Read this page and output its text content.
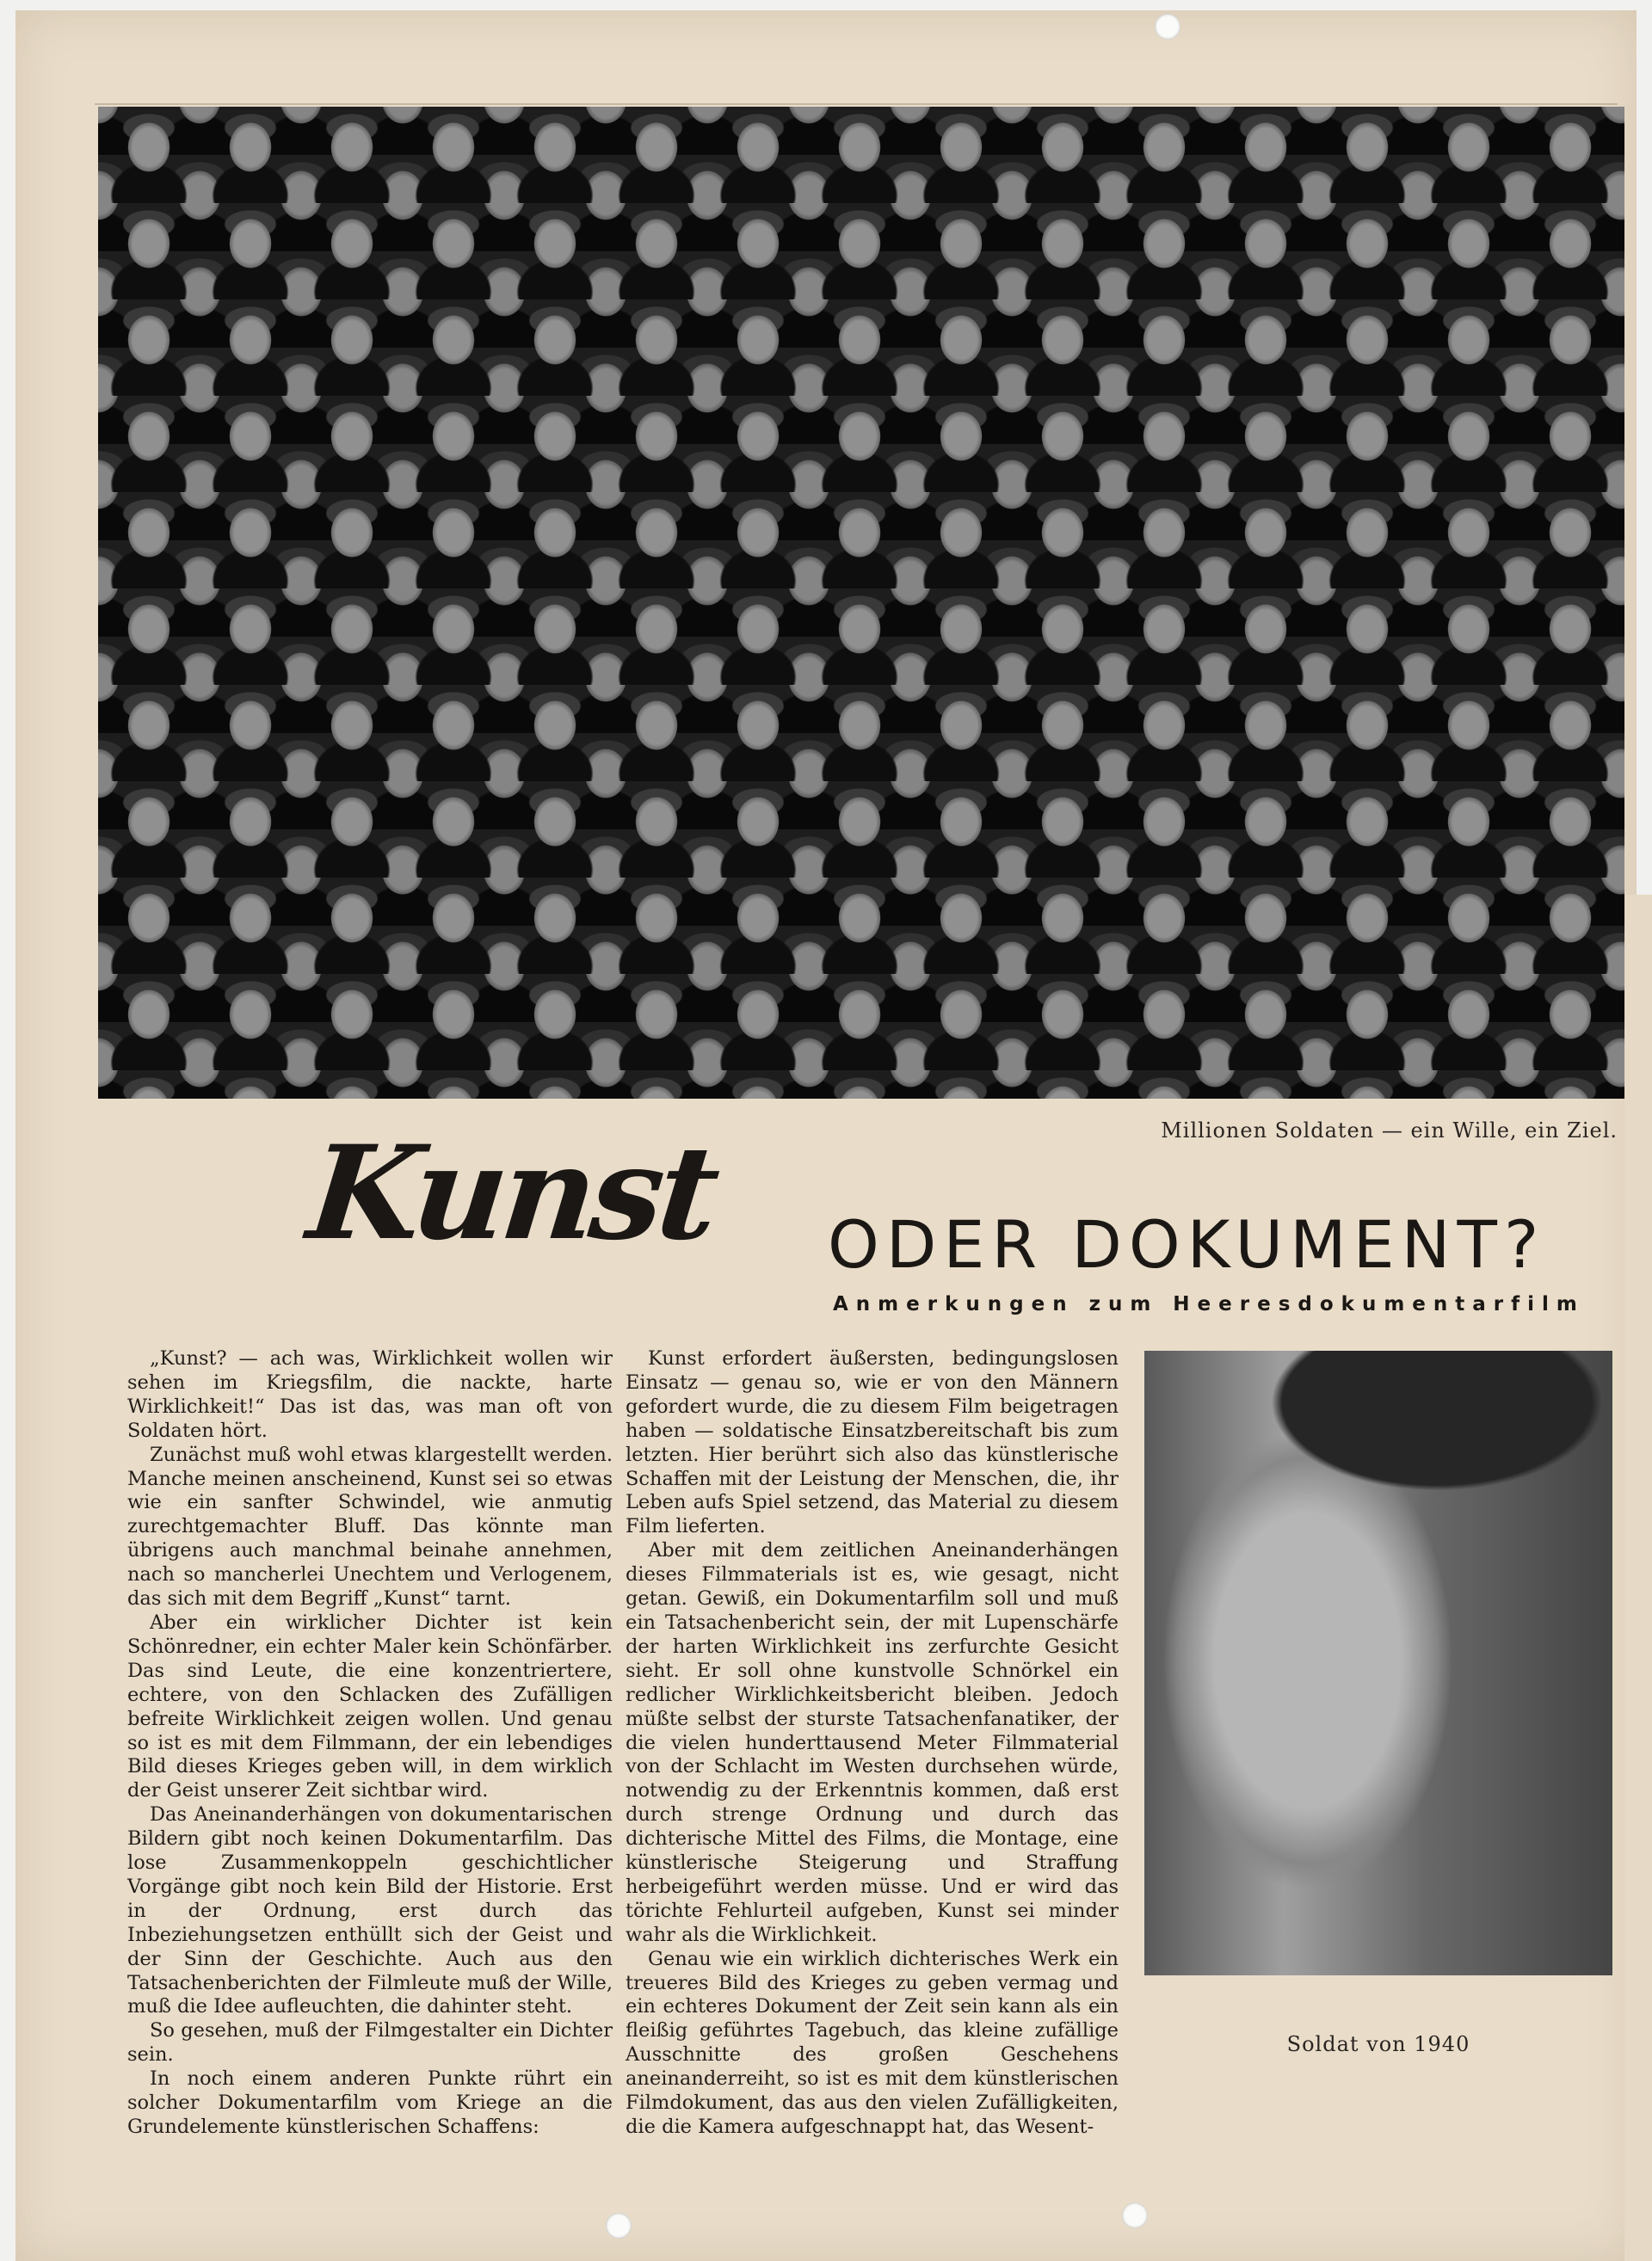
Millionen Soldaten — ein Wille, ein Ziel.
Kunst ODER DOKUMENT?
Anmerkungen zum Heeresdokumentarfilm

„Kunst? — ach was, Wirklichkeit wollen wir sehen im Kriegsfilm, die nackte, harte Wirklichkeit!“ Das ist das, was man oft von Soldaten hört.

Zunächst muß wohl etwas klargestellt werden. Manche meinen anscheinend, Kunst sei so etwas wie ein sanfter Schwindel, wie anmutig zurechtgemachter Bluff. Das könnte man übrigens auch manchmal beinahe annehmen, nach so mancherlei Unechtem und Verlogenem, das sich mit dem Begriff „Kunst“ tarnt.

Aber ein wirklicher Dichter ist kein Schönredner, ein echter Maler kein Schönfärber. Das sind Leute, die eine konzentriertere, echtere, von den Schlacken des Zufälligen befreite Wirklichkeit zeigen wollen. Und genau so ist es mit dem Filmmann, der ein lebendiges Bild dieses Krieges geben will, in dem wirklich der Geist unserer Zeit sichtbar wird.

Das Aneinanderhängen von dokumentarischen Bildern gibt noch keinen Dokumentarfilm. Das lose Zusammenkoppeln geschichtlicher Vorgänge gibt noch kein Bild der Historie. Erst in der Ordnung, erst durch das Inbeziehungsetzen enthüllt sich der Geist und der Sinn der Geschichte. Auch aus den Tatsachenberichten der Filmleute muß der Wille, muß die Idee aufleuchten, die dahinter steht.

So gesehen, muß der Filmgestalter ein Dichter sein.

In noch einem anderen Punkte rührt ein solcher Dokumentarfilm vom Kriege an die Grundelemente künstlerischen Schaffens:

Kunst erfordert äußersten, bedingungslosen Einsatz — genau so, wie er von den Männern gefordert wurde, die zu diesem Film beigetragen haben — soldatische Einsatzbereitschaft bis zum letzten. Hier berührt sich also das künstlerische Schaffen mit der Leistung der Menschen, die, ihr Leben aufs Spiel setzend, das Material zu diesem Film lieferten.

Aber mit dem zeitlichen Aneinanderhängen dieses Filmmaterials ist es, wie gesagt, nicht getan. Gewiß, ein Dokumentarfilm soll und muß ein Tatsachenbericht sein, der mit Lupenschärfe der harten Wirklichkeit ins zerfurchte Gesicht sieht. Er soll ohne kunstvolle Schnörkel ein redlicher Wirklichkeitsbericht bleiben. Jedoch müßte selbst der sturste Tatsachenfanatiker, der die vielen hunderttausend Meter Filmmaterial von der Schlacht im Westen durchsehen würde, notwendig zu der Erkenntnis kommen, daß erst durch strenge Ordnung und durch das dichterische Mittel des Films, die Montage, eine künstlerische Steigerung und Straffung herbeigeführt werden müsse. Und er wird das törichte Fehlurteil aufgeben, Kunst sei minder wahr als die Wirklichkeit.

Genau wie ein wirklich dichterisches Werk ein treueres Bild des Krieges zu geben vermag und ein echteres Dokument der Zeit sein kann als ein fleißig geführtes Tagebuch, das kleine zufällige Ausschnitte des großen Geschehens aneinanderreiht, so ist es mit dem künstlerischen Filmdokument, das aus den vielen Zufälligkeiten, die die Kamera aufgeschnappt hat, das Wesent-

Soldat von 1940
